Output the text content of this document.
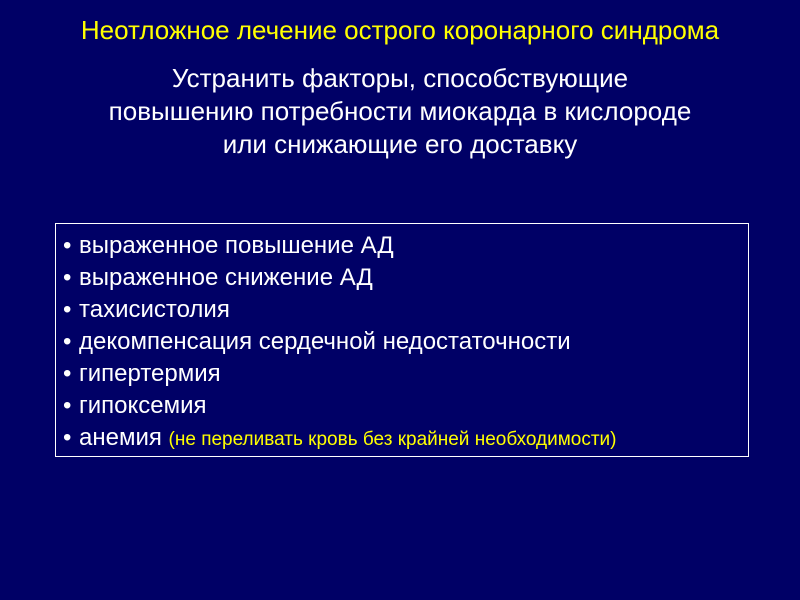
Неотложное лечение острого коронарного синдрома
Устранить факторы, способствующие
повышению потребности миокарда в кислороде
или снижающие его доставку
• выраженное повышение АД
• выраженное снижение АД
• тахисистолия
• декомпенсация сердечной недостаточности
• гипертермия
• гипоксемия
• анемия (не переливать кровь без крайней необходимости)
